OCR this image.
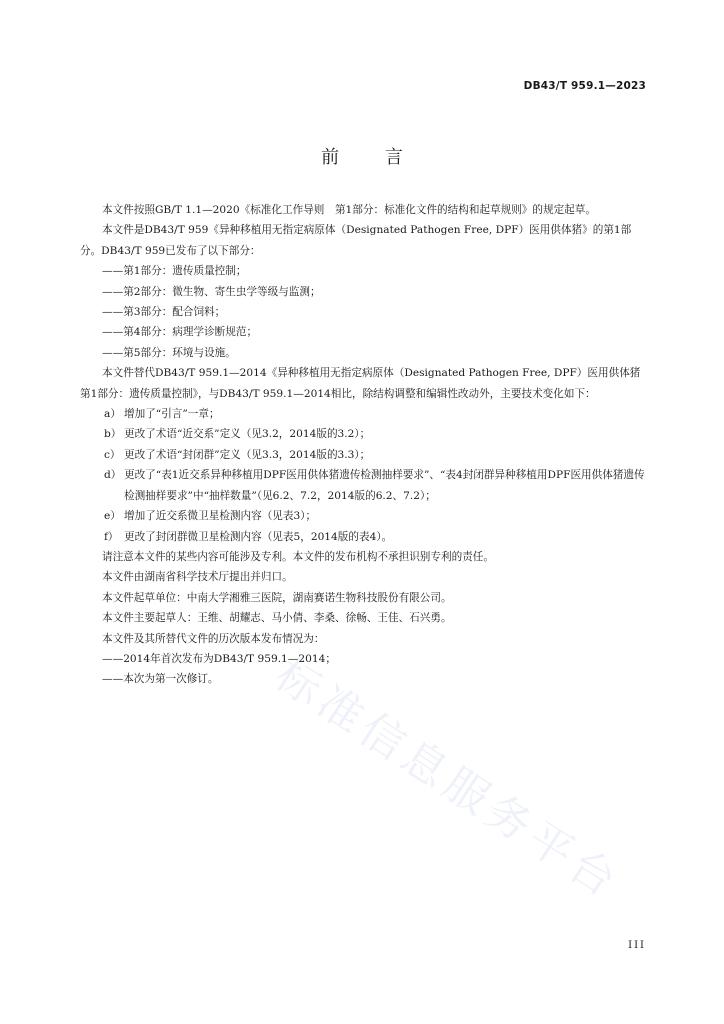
DB43/T 959.1—2023
前 言

本文件按照GB/T 1.1—2020《标准化工作导则　第1部分：标准化文件的结构和起草规则》的规定起草。

本文件是DB43/T 959《异种移植用无指定病原体（Designated Pathogen Free, DPF）医用供体猪》的第1部分。DB43/T 959已发布了以下部分：

——第1部分：遗传质量控制；

——第2部分：微生物、寄生虫学等级与监测；

——第3部分：配合饲料；

——第4部分：病理学诊断规范；

——第5部分：环境与设施。

本文件替代DB43/T 959.1—2014《异种移植用无指定病原体（Designated Pathogen Free, DPF）医用供体猪 第1部分：遗传质量控制》，与DB43/T 959.1—2014相比，除结构调整和编辑性改动外，主要技术变化如下：

a） 增加了“引言”一章；

b） 更改了术语“近交系”定义（见3.2，2014版的3.2）；

c） 更改了术语“封闭群”定义（见3.3，2014版的3.3）；

d） 更改了“表1近交系异种移植用DPF医用供体猪遗传检测抽样要求”、“表4封闭群异种移植用DPF医用供体猪遗传检测抽样要求”中“抽样数量”（见6.2、7.2，2014版的6.2、7.2）；

e） 增加了近交系微卫星检测内容（见表3）；

f） 更改了封闭群微卫星检测内容（见表5，2014版的表4）。

请注意本文件的某些内容可能涉及专利。本文件的发布机构不承担识别专利的责任。

本文件由湖南省科学技术厅提出并归口。

本文件起草单位：中南大学湘雅三医院，湖南赛诺生物科技股份有限公司。

本文件主要起草人：王维、胡耀志、马小倩、李桑、徐畅、王佳、石兴勇。

本文件及其所替代文件的历次版本发布情况为：

——2014年首次发布为DB43/T 959.1—2014；

——本次为第一次修订。	标准信息服务平台
III
